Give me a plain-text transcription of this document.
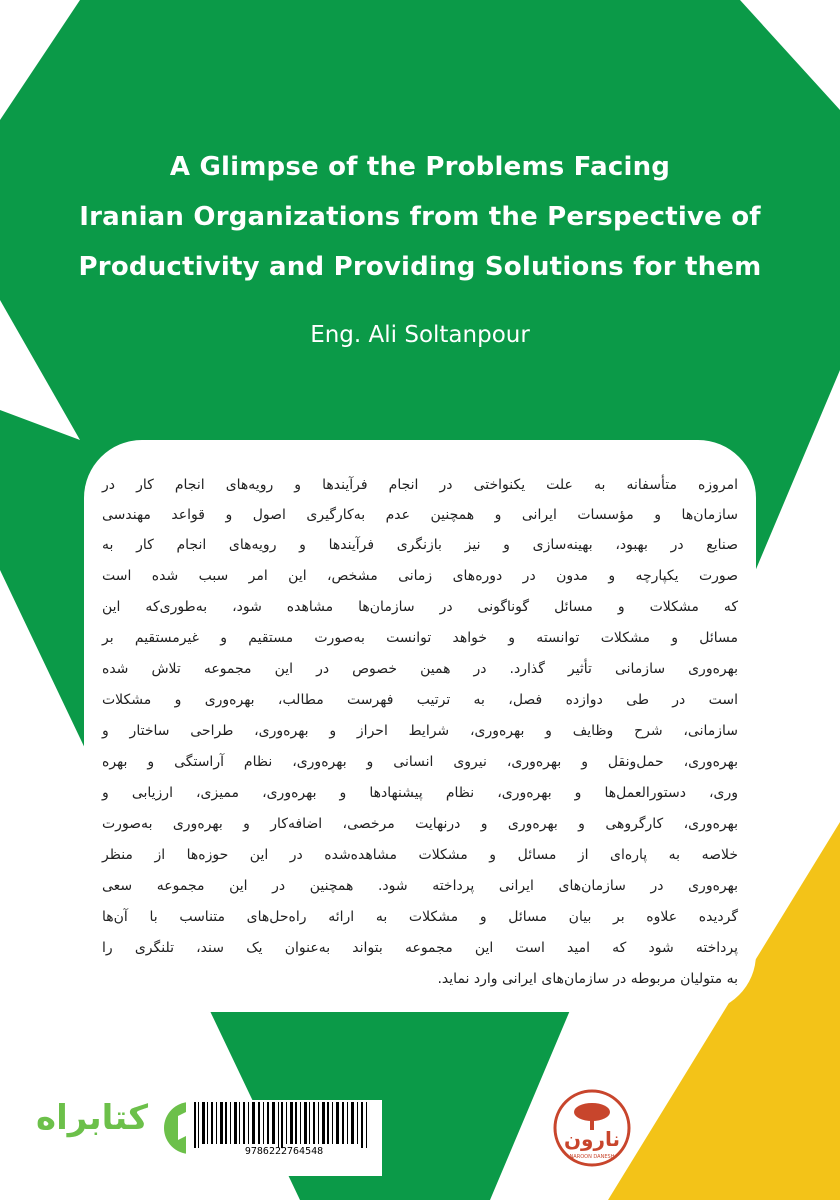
A Glimpse of the Problems Facing
Iranian Organizations from the Perspective of
Productivity and Providing Solutions for them
Eng. Ali Soltanpour
امروزه متأسفانه به علت یکنواختی در انجام فرآیندها و رویه‌های انجام کار در
سازمان‌ها و مؤسسات ایرانی و همچنین عدم به‌کارگیری اصول و قواعد مهندسی
صنایع در بهبود، بهینه‌سازی و نیز بازنگری فرآیندها و رویه‌های انجام کار به
صورت یکپارچه و مدون در دوره‌های زمانی مشخص، این امر سبب شده است
که مشکلات و مسائل گوناگونی در سازمان‌ها مشاهده شود، به‌طوری‌که این
مسائل و مشکلات توانسته و خواهد توانست به‌صورت مستقیم و غیرمستقیم بر
بهره‌وری سازمانی تأثیر گذارد. در همین خصوص در این مجموعه تلاش شده
است در طی دوازده فصل، به ترتیب فهرست مطالب، بهره‌وری و مشکلات
سازمانی، شرح وظایف و بهره‌وری، شرایط احراز و بهره‌وری، طراحی ساختار و
بهره‌وری، حمل‌ونقل و بهره‌وری، نیروی انسانی و بهره‌وری، نظام آراستگی و بهره
وری، دستورالعمل‌ها و بهره‌وری، نظام پیشنهادها و بهره‌وری، ممیزی، ارزیابی و
بهره‌وری، کارگروهی و بهره‌وری و درنهایت مرخصی، اضافه‌کار و بهره‌وری به‌صورت
خلاصه به پاره‌ای از مسائل و مشکلات مشاهده‌شده در این حوزه‌ها از منظر
بهره‌وری در سازمان‌های ایرانی پرداخته شود. همچنین در این مجموعه سعی
گردیده علاوه بر بیان مسائل و مشکلات به ارائه راه‌حل‌های متناسب با آن‌ها
پرداخته شود که امید است این مجموعه بتواند به‌عنوان یک سند، تلنگری را
به متولیان مربوطه در سازمان‌های ایرانی وارد نماید.
کتابراه
9786222764548
نارون
NAROON DANESH
